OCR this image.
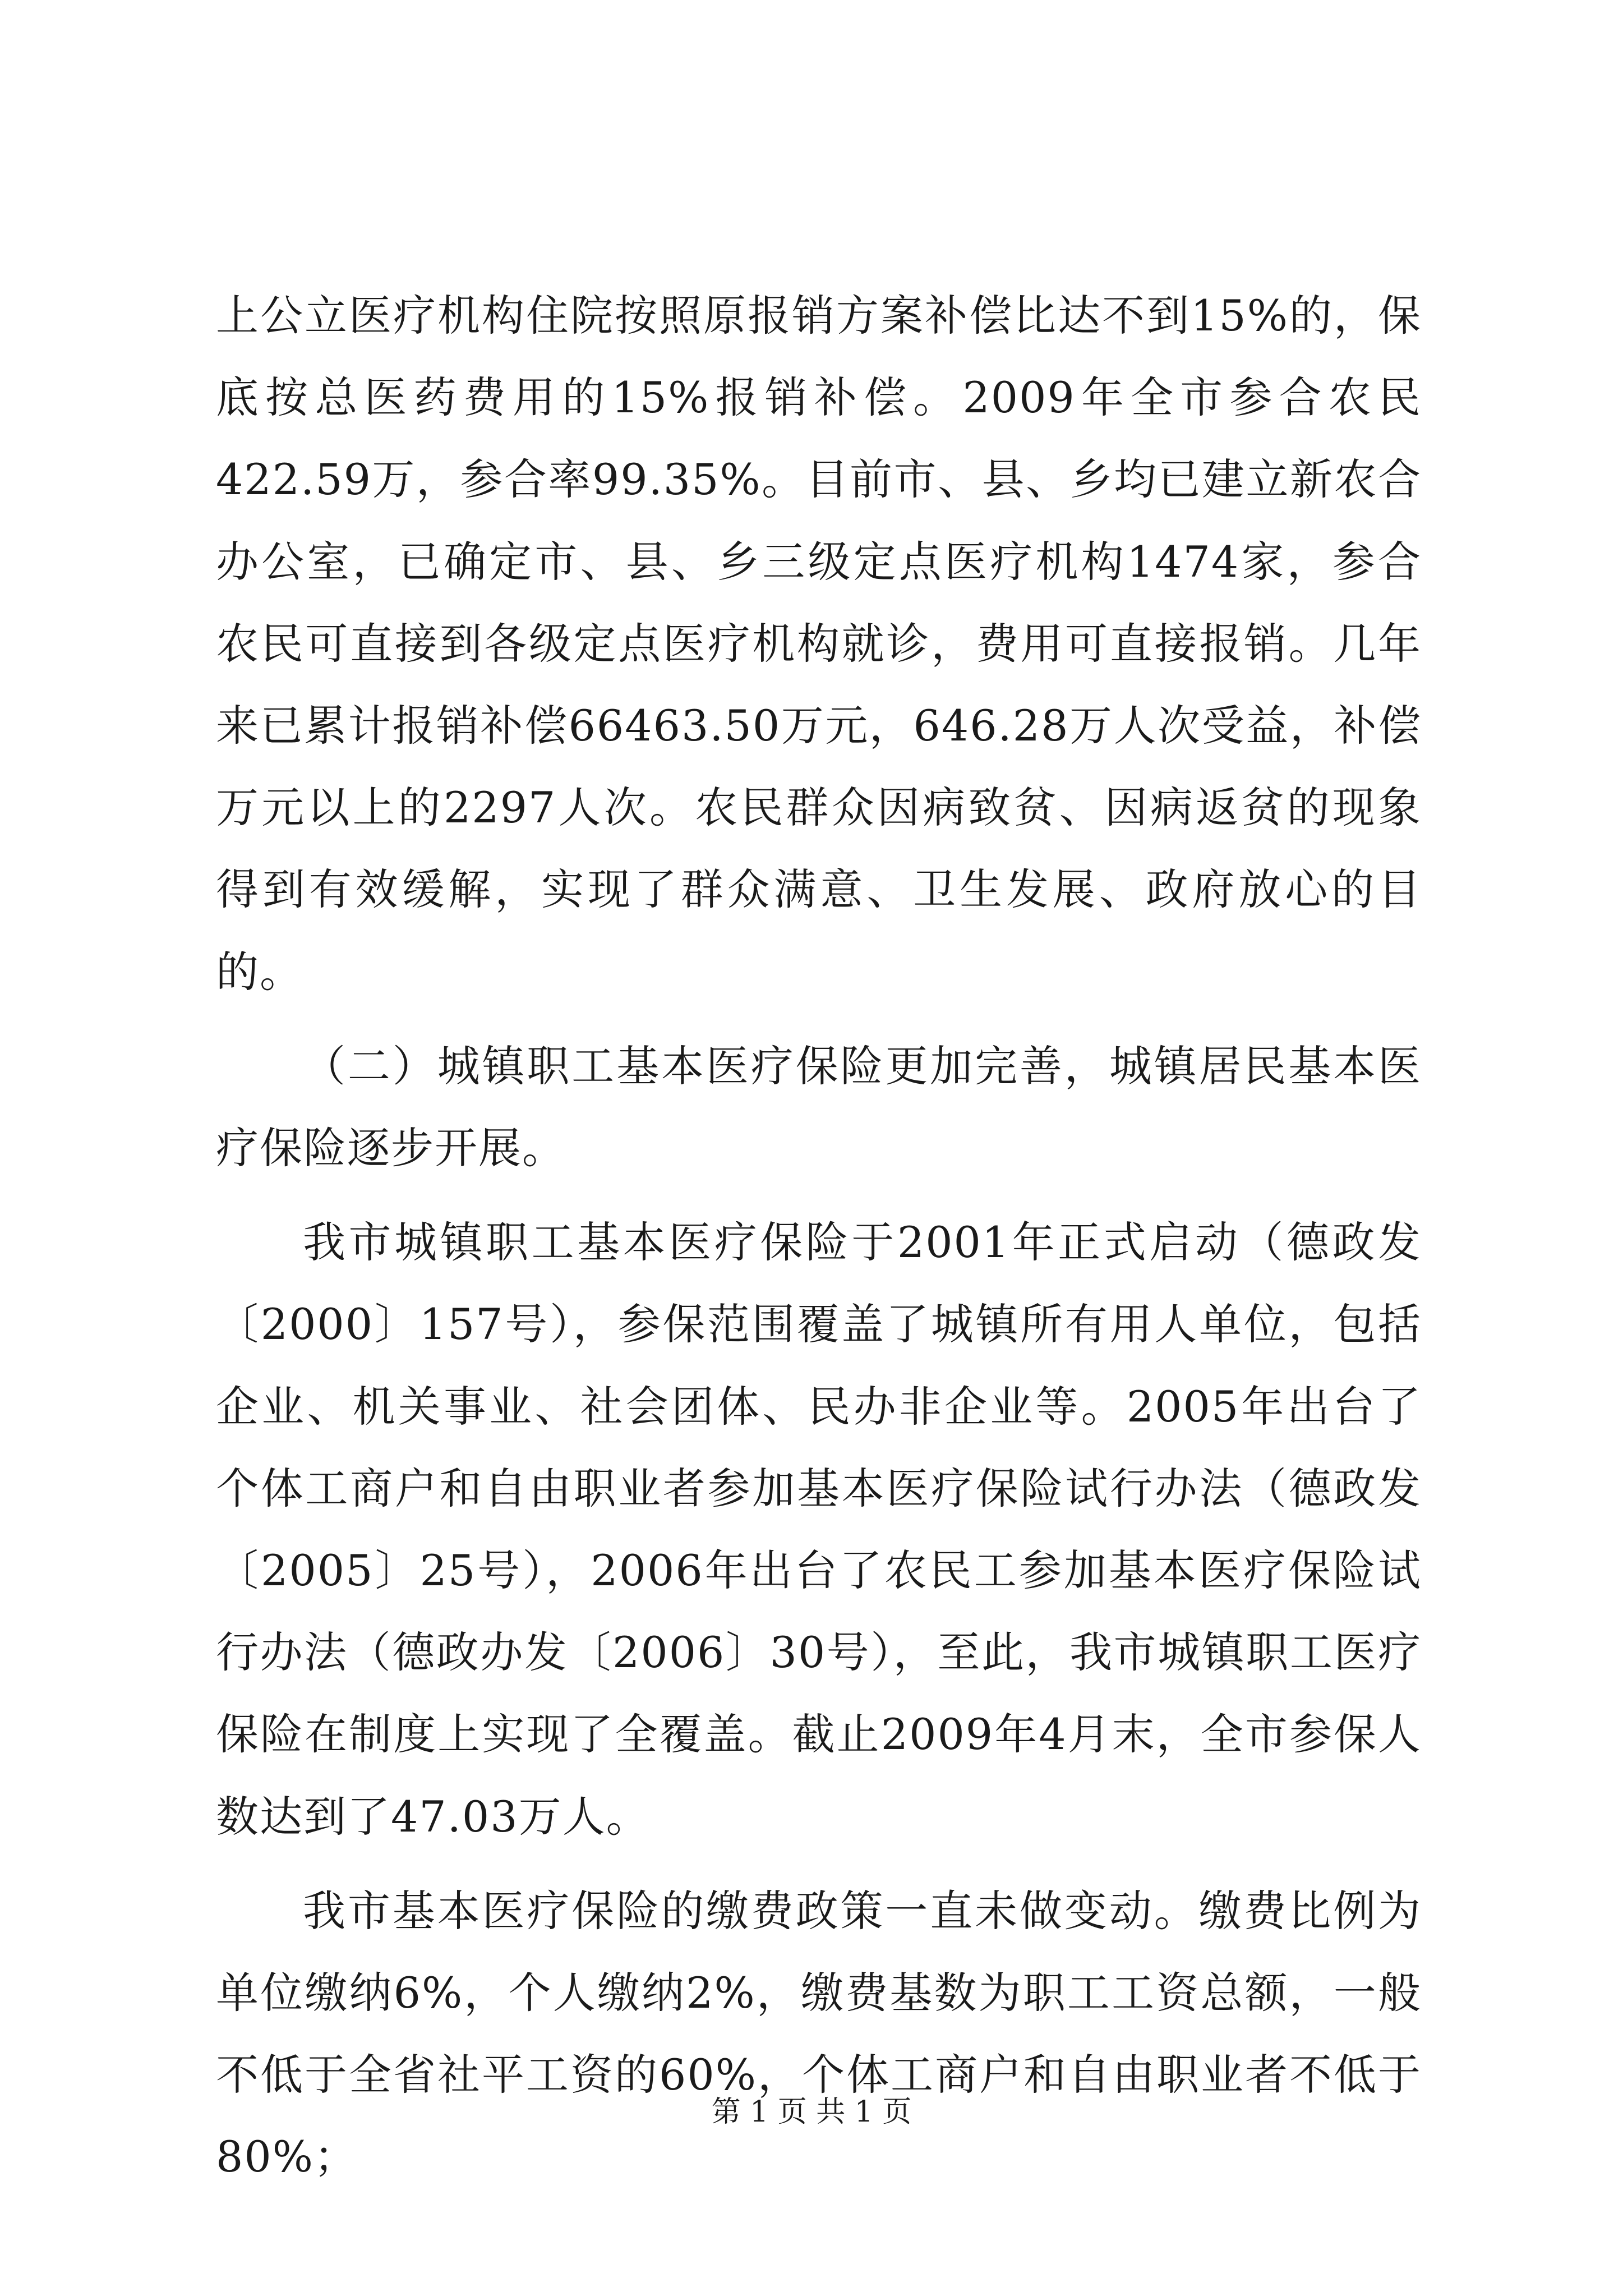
上公立医疗机构住院按照原报销方案补偿比达不到15%的，保底按总医药费用的15%报销补偿。2009年全市参合农民422.59万，参合率99.35%。目前市、县、乡均已建立新农合办公室，已确定市、县、乡三级定点医疗机构1474家，参合农民可直接到各级定点医疗机构就诊，费用可直接报销。几年来已累计报销补偿66463.50万元，646.28万人次受益，补偿万元以上的2297人次。农民群众因病致贫、因病返贫的现象得到有效缓解，实现了群众满意、卫生发展、政府放心的目的。

（二）城镇职工基本医疗保险更加完善，城镇居民基本医疗保险逐步开展。

我市城镇职工基本医疗保险于2001年正式启动（德政发〔2000〕157号），参保范围覆盖了城镇所有用人单位，包括企业、机关事业、社会团体、民办非企业等。2005年出台了个体工商户和自由职业者参加基本医疗保险试行办法（德政发〔2005〕25号），2006年出台了农民工参加基本医疗保险试行办法（德政办发〔2006〕30号），至此，我市城镇职工医疗保险在制度上实现了全覆盖。截止2009年4月末，全市参保人数达到了47.03万人。

我市基本医疗保险的缴费政策一直未做变动。缴费比例为单位缴纳6%，个人缴纳2%，缴费基数为职工工资总额，一般不低于全省社平工资的60%，个体工商户和自由职业者不低于80%；

第 1 页 共 1 页
